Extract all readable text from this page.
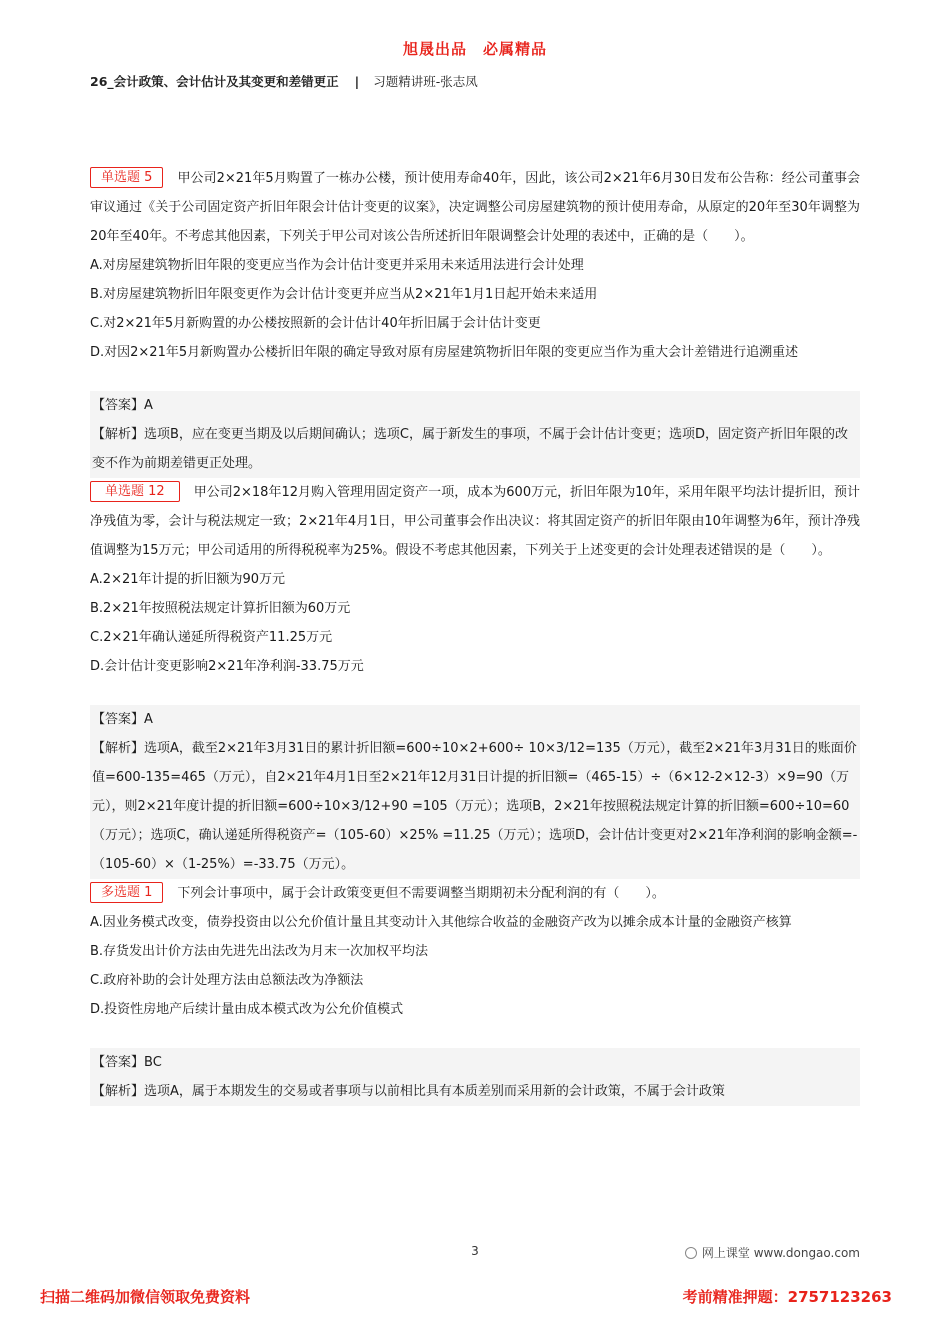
旭晟出品　必属精品
26_会计政策、会计估计及其变更和差错更正 | 习题精讲班-张志凤
单选题 5 甲公司2×21年5月购置了一栋办公楼，预计使用寿命40年，因此，该公司2×21年6月30日发布公告称：经公司董事会审议通过《关于公司固定资产折旧年限会计估计变更的议案》，决定调整公司房屋建筑物的预计使用寿命，从原定的20年至30年调整为20年至40年。不考虑其他因素，下列关于甲公司对该公告所述折旧年限调整会计处理的表述中，正确的是（　　）。
A.对房屋建筑物折旧年限的变更应当作为会计估计变更并采用未来适用法进行会计处理
B.对房屋建筑物折旧年限变更作为会计估计变更并应当从2×21年1月1日起开始未来适用
C.对2×21年5月新购置的办公楼按照新的会计估计40年折旧属于会计估计变更
D.对因2×21年5月新购置办公楼折旧年限的确定导致对原有房屋建筑物折旧年限的变更应当作为重大会计差错进行追溯重述
【答案】A
【解析】选项B，应在变更当期及以后期间确认；选项C，属于新发生的事项，不属于会计估计变更；选项D，固定资产折旧年限的改变不作为前期差错更正处理。
单选题 12 甲公司2×18年12月购入管理用固定资产一项，成本为600万元，折旧年限为10年，采用年限平均法计提折旧，预计净残值为零，会计与税法规定一致；2×21年4月1日，甲公司董事会作出决议：将其固定资产的折旧年限由10年调整为6年，预计净残值调整为15万元；甲公司适用的所得税税率为25%。假设不考虑其他因素，下列关于上述变更的会计处理表述错误的是（　　）。
A.2×21年计提的折旧额为90万元
B.2×21年按照税法规定计算折旧额为60万元
C.2×21年确认递延所得税资产11.25万元
D.会计估计变更影响2×21年净利润-33.75万元
【答案】A
【解析】选项A，截至2×21年3月31日的累计折旧额=600÷10×2+600÷ 10×3/12=135（万元），截至2×21年3月31日的账面价值=600-135=465（万元），自2×21年4月1日至2×21年12月31日计提的折旧额=（465-15）÷（6×12-2×12-3）×9=90（万元），则2×21年度计提的折旧额=600÷10×3/12+90 =105（万元）；选项B，2×21年按照税法规定计算的折旧额=600÷10=60（万元）；选项C，确认递延所得税资产=（105-60）×25% =11.25（万元）；选项D，会计估计变更对2×21年净利润的影响金额=-（105-60）×（1-25%）=-33.75（万元）。
多选题 1 下列会计事项中，属于会计政策变更但不需要调整当期期初未分配利润的有（　　）。
A.因业务模式改变，债券投资由以公允价值计量且其变动计入其他综合收益的金融资产改为以摊余成本计量的金融资产核算
B.存货发出计价方法由先进先出法改为月末一次加权平均法
C.政府补助的会计处理方法由总额法改为净额法
D.投资性房地产后续计量由成本模式改为公允价值模式
【答案】BC
【解析】选项A，属于本期发生的交易或者事项与以前相比具有本质差别而采用新的会计政策，不属于会计政策
3	网上课堂 www.dongao.com
扫描二维码加微信领取免费资料	考前精准押题：2757123263
